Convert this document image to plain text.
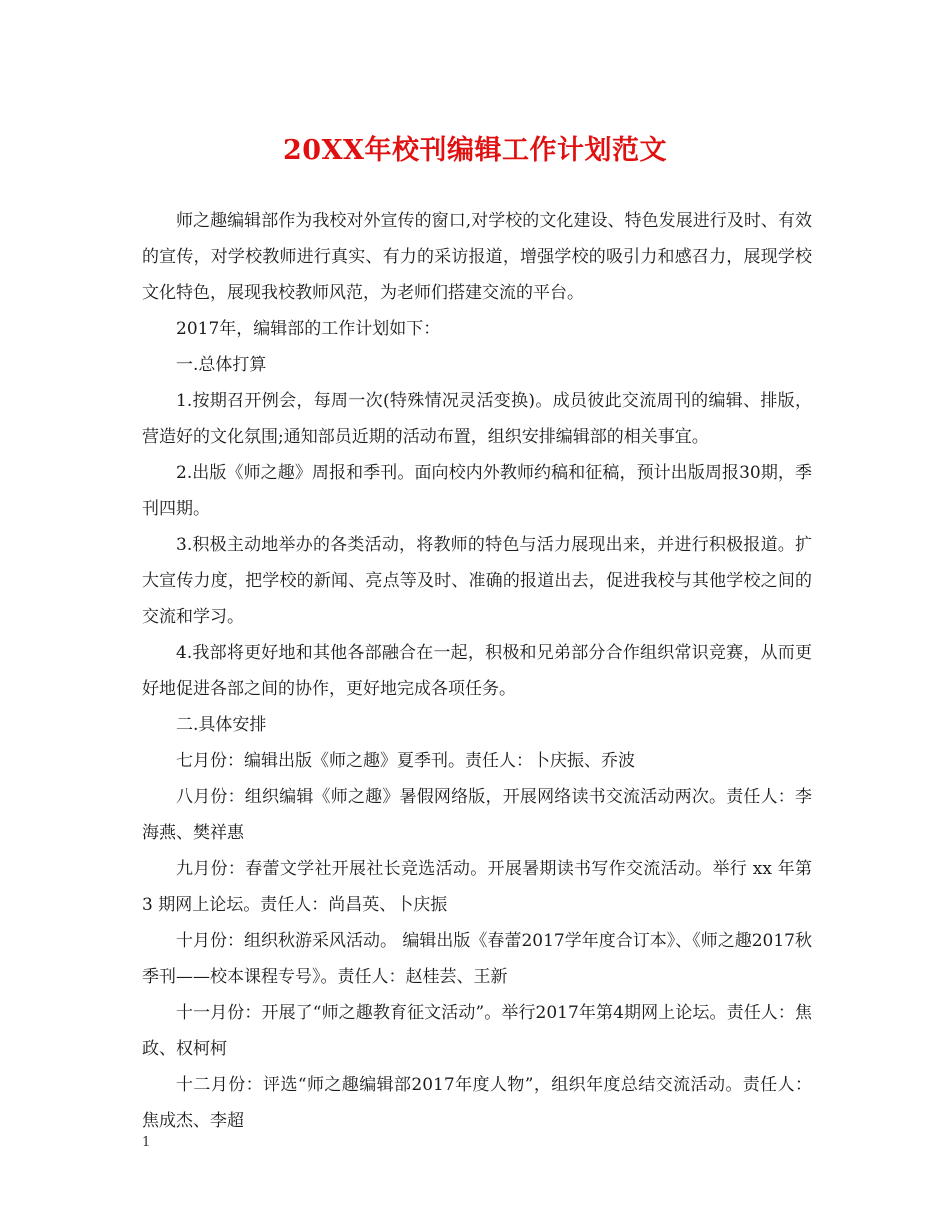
20XX年校刊编辑工作计划范文

师之趣编辑部作为我校对外宣传的窗口,对学校的文化建设、特色发展进行及时、有效的宣传，对学校教师进行真实、有力的采访报道，增强学校的吸引力和感召力，展现学校文化特色，展现我校教师风范，为老师们搭建交流的平台。

2017年，编辑部的工作计划如下：

一.总体打算

1.按期召开例会，每周一次(特殊情况灵活变换)。成员彼此交流周刊的编辑、排版，营造好的文化氛围;通知部员近期的活动布置，组织安排编辑部的相关事宜。

2.出版《师之趣》周报和季刊。面向校内外教师约稿和征稿，预计出版周报30期，季刊四期。

3.积极主动地举办的各类活动，将教师的特色与活力展现出来，并进行积极报道。扩大宣传力度，把学校的新闻、亮点等及时、准确的报道出去，促进我校与其他学校之间的交流和学习。

4.我部将更好地和其他各部融合在一起，积极和兄弟部分合作组织常识竞赛，从而更好地促进各部之间的协作，更好地完成各项任务。

二.具体安排

七月份：编辑出版《师之趣》夏季刊。责任人：卜庆振、乔波

八月份：组织编辑《师之趣》暑假网络版，开展网络读书交流活动两次。责任人：李海燕、樊祥惠

九月份：春蕾文学社开展社长竞选活动。开展暑期读书写作交流活动。举行 xx 年第 3 期网上论坛。责任人：尚昌英、卜庆振

十月份：组织秋游采风活动。 编辑出版《春蕾2017学年度合订本》、《师之趣2017秋季刊——校本课程专号》。责任人：赵桂芸、王新

十一月份：开展了“师之趣教育征文活动”。举行2017年第4期网上论坛。责任人：焦政、权柯柯

十二月份：评选“师之趣编辑部2017年度人物”，组织年度总结交流活动。责任人：焦成杰、李超

1
